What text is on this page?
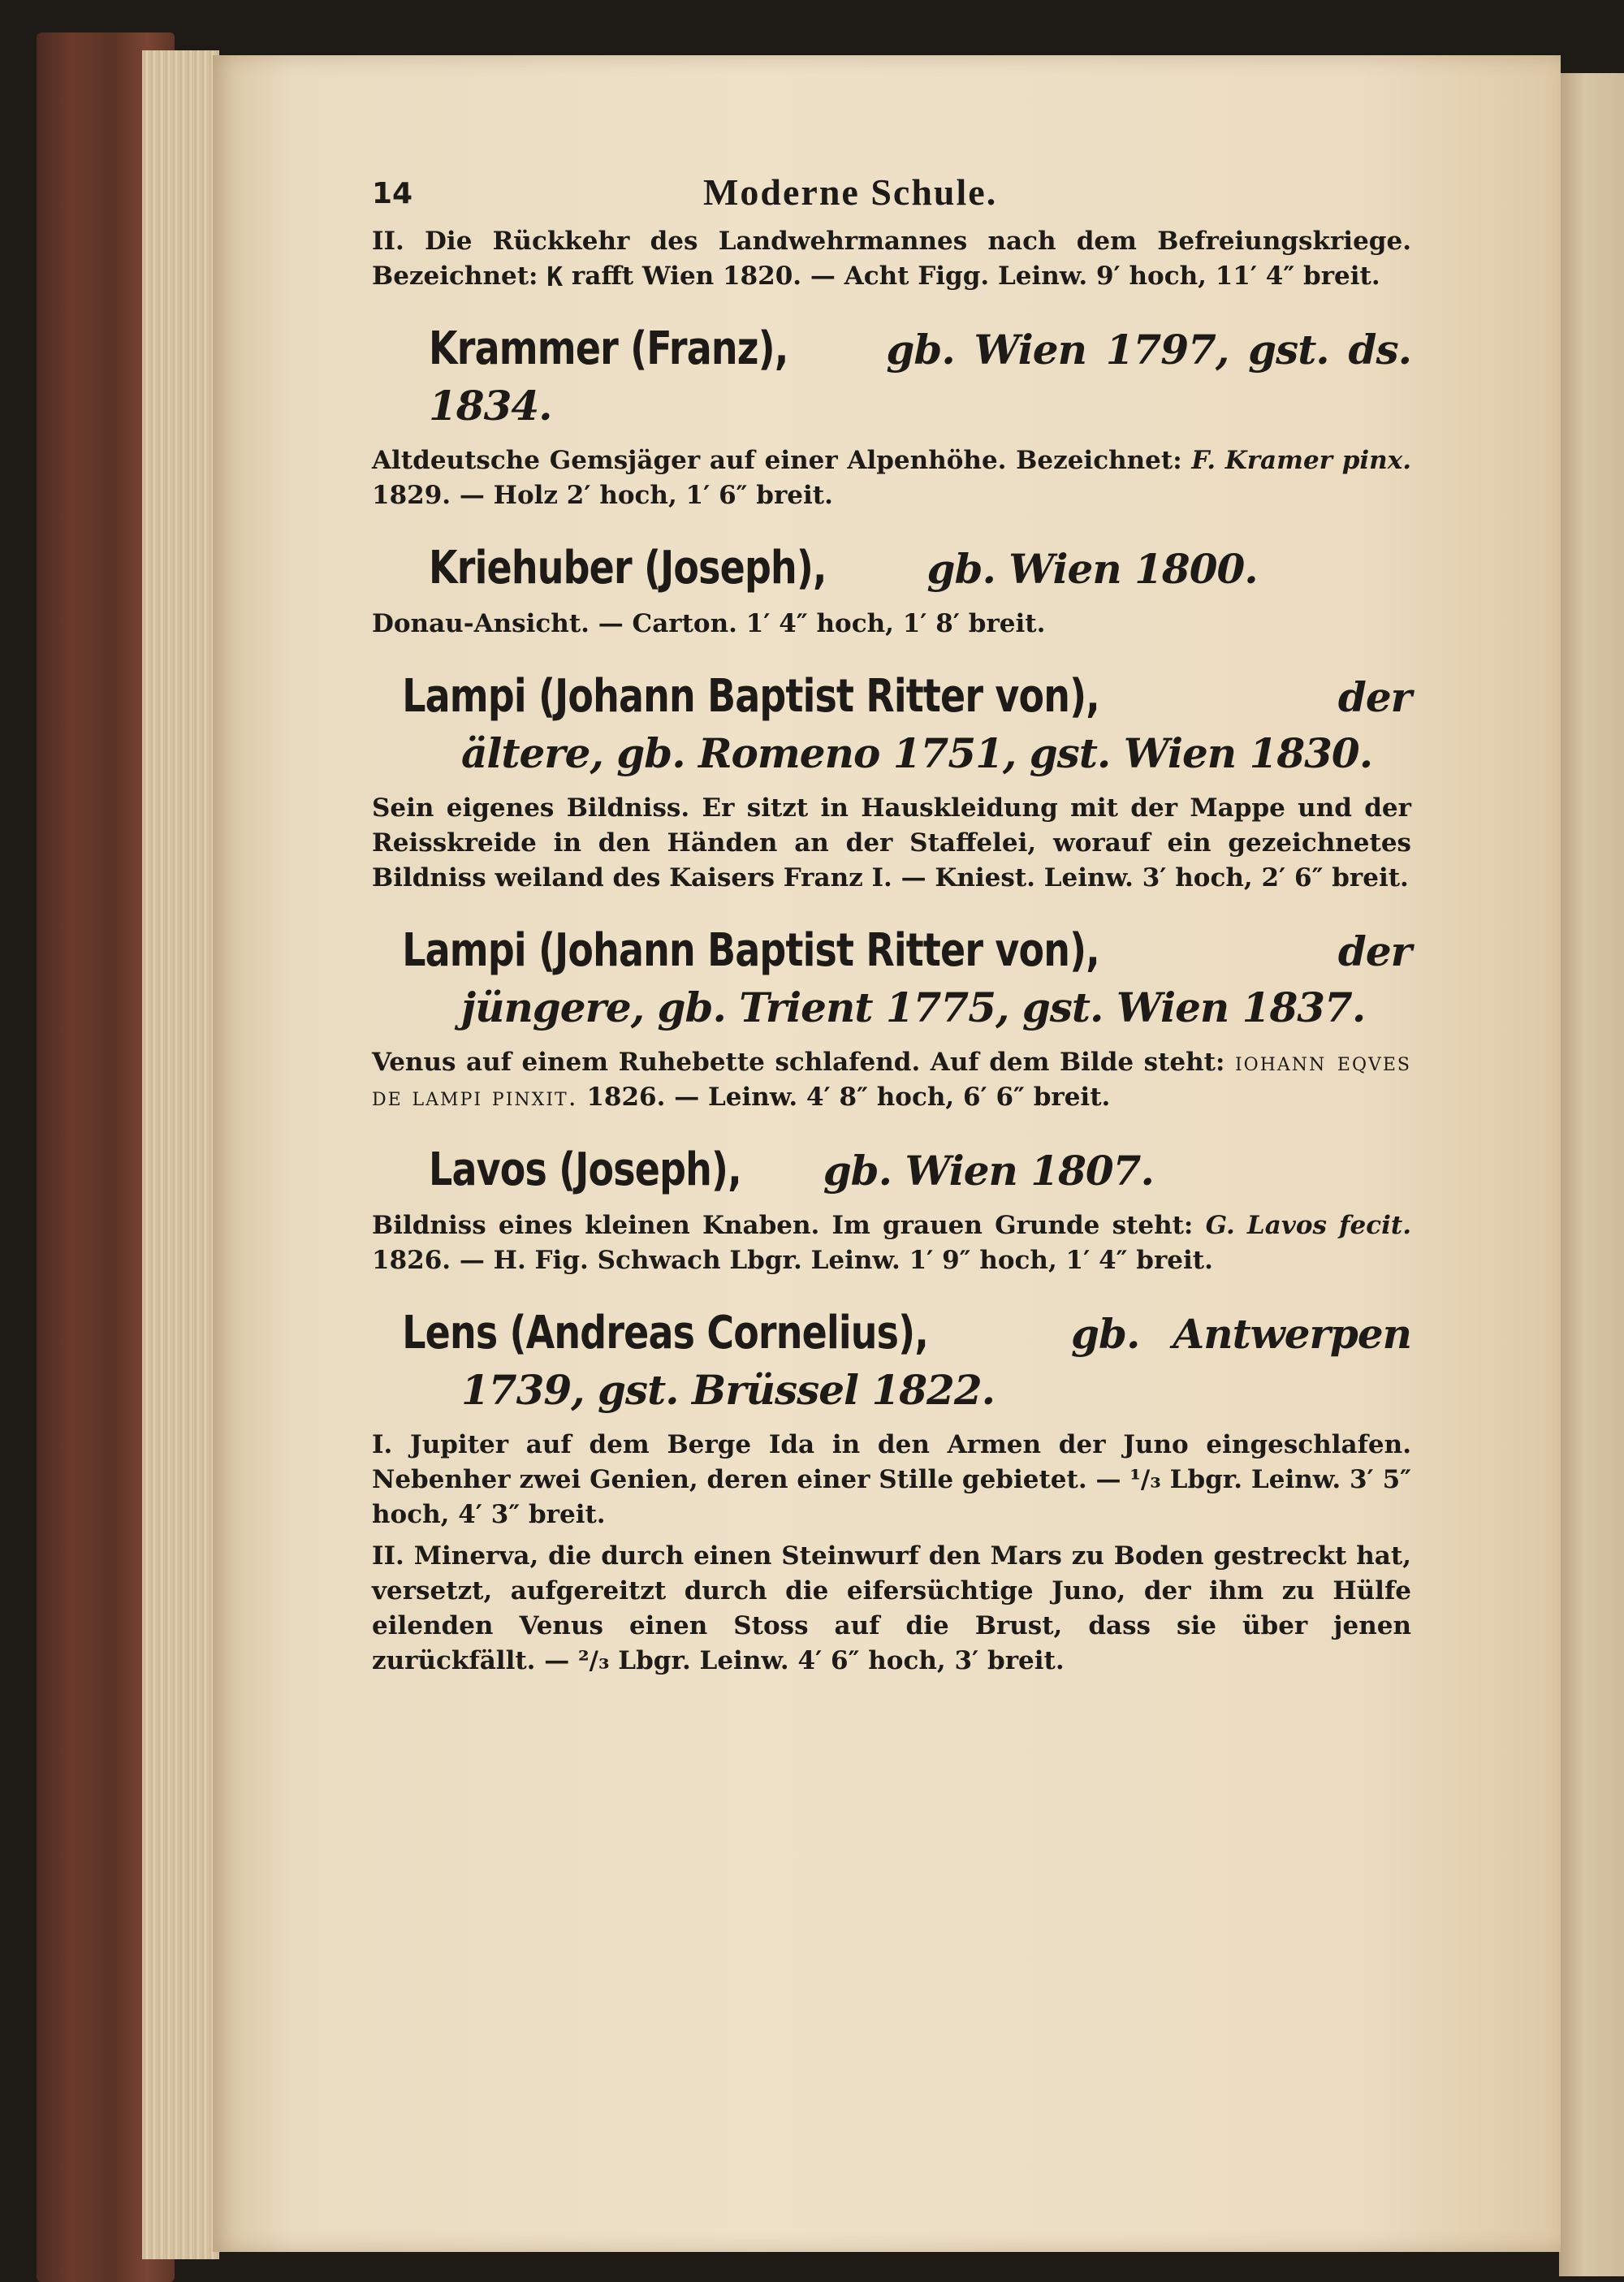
14	Moderne Schule.

II. Die Rückkehr des Landwehrmannes nach dem Befreiungskriege. Bezeichnet: K rafft Wien 1820. — Acht Figg. Leinw. 9′ hoch, 11′ 4″ breit.

Krammer (Franz), gb. Wien 1797, gst. ds. 1834.

Altdeutsche Gemsjäger auf einer Alpenhöhe. Bezeichnet: F. Kramer pinx. 1829. — Holz 2′ hoch, 1′ 6″ breit.

Kriehuber (Joseph), gb. Wien 1800.

Donau-Ansicht. — Carton. 1′ 4″ hoch, 1′ 8′ breit.

Lampi (Johann Baptist Ritter von),	der ältere, gb. Romeno 1751, gst. Wien 1830.

Sein eigenes Bildniss. Er sitzt in Hauskleidung mit der Mappe und der Reisskreide in den Händen an der Staffelei, worauf ein gezeichnetes Bildniss weiland des Kaisers Franz I. — Kniest. Leinw. 3′ hoch, 2′ 6″ breit.

Lampi (Johann Baptist Ritter von),	der jüngere, gb. Trient 1775, gst. Wien 1837.

Venus auf einem Ruhebette schlafend. Auf dem Bilde steht: iohann eqves de lampi pinxit. 1826. — Leinw. 4′ 8″ hoch, 6′ 6″ breit.

Lavos (Joseph), gb. Wien 1807.

Bildniss eines kleinen Knaben. Im grauen Grunde steht: G. Lavos fecit. 1826. — H. Fig. Schwach Lbgr. Leinw. 1′ 9″ hoch, 1′ 4″ breit.

Lens (Andreas Cornelius),	gb. Antwerpen 1739, gst. Brüssel 1822.

I. Jupiter auf dem Berge Ida in den Armen der Juno eingeschlafen. Nebenher zwei Genien, deren einer Stille gebietet. — ¹/₃ Lbgr. Leinw. 3′ 5″ hoch, 4′ 3″ breit.

II. Minerva, die durch einen Steinwurf den Mars zu Boden gestreckt hat, versetzt, aufgereitzt durch die eifersüchtige Juno, der ihm zu Hülfe eilenden Venus einen Stoss auf die Brust, dass sie über jenen zurückfällt. — ²/₃ Lbgr. Leinw. 4′ 6″ hoch, 3′ breit.
